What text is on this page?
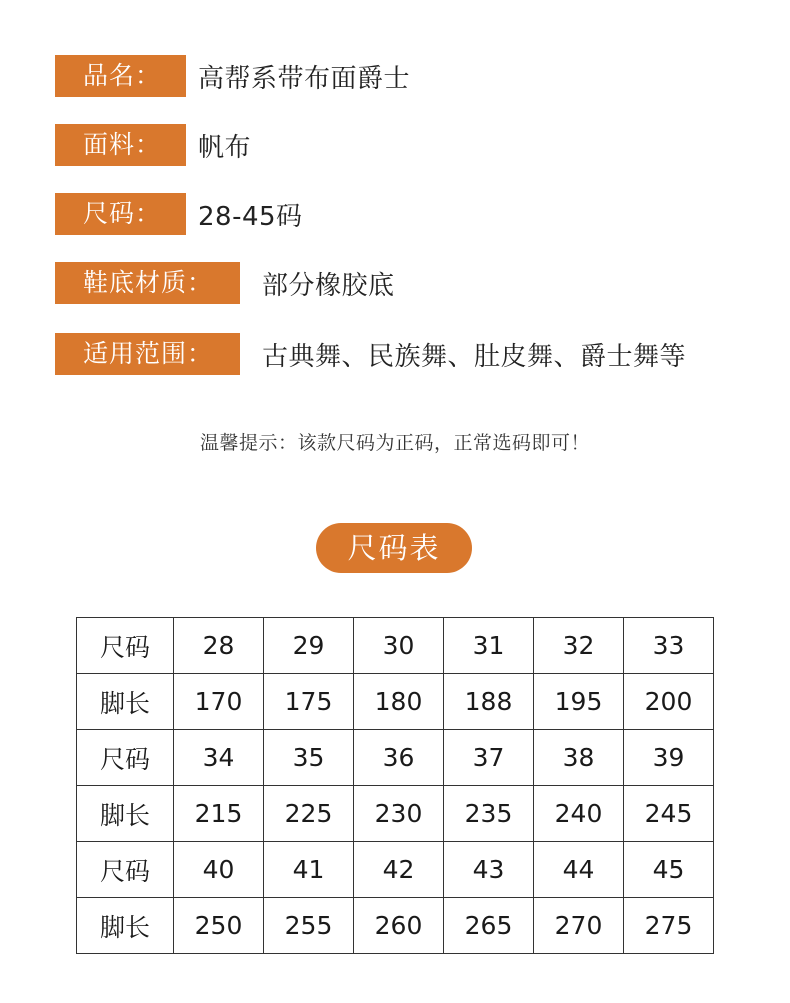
品名：	高帮系带布面爵士
面料：	帆布
尺码：	28-45码
鞋底材质：	部分橡胶底
适用范围：	古典舞、民族舞、肚皮舞、爵士舞等
温馨提示：该款尺码为正码，正常选码即可！
尺码表
尺码	28	29	30	31	32	33
脚长	170	175	180	188	195	200
尺码	34	35	36	37	38	39
脚长	215	225	230	235	240	245
尺码	40	41	42	43	44	45
脚长	250	255	260	265	270	275
